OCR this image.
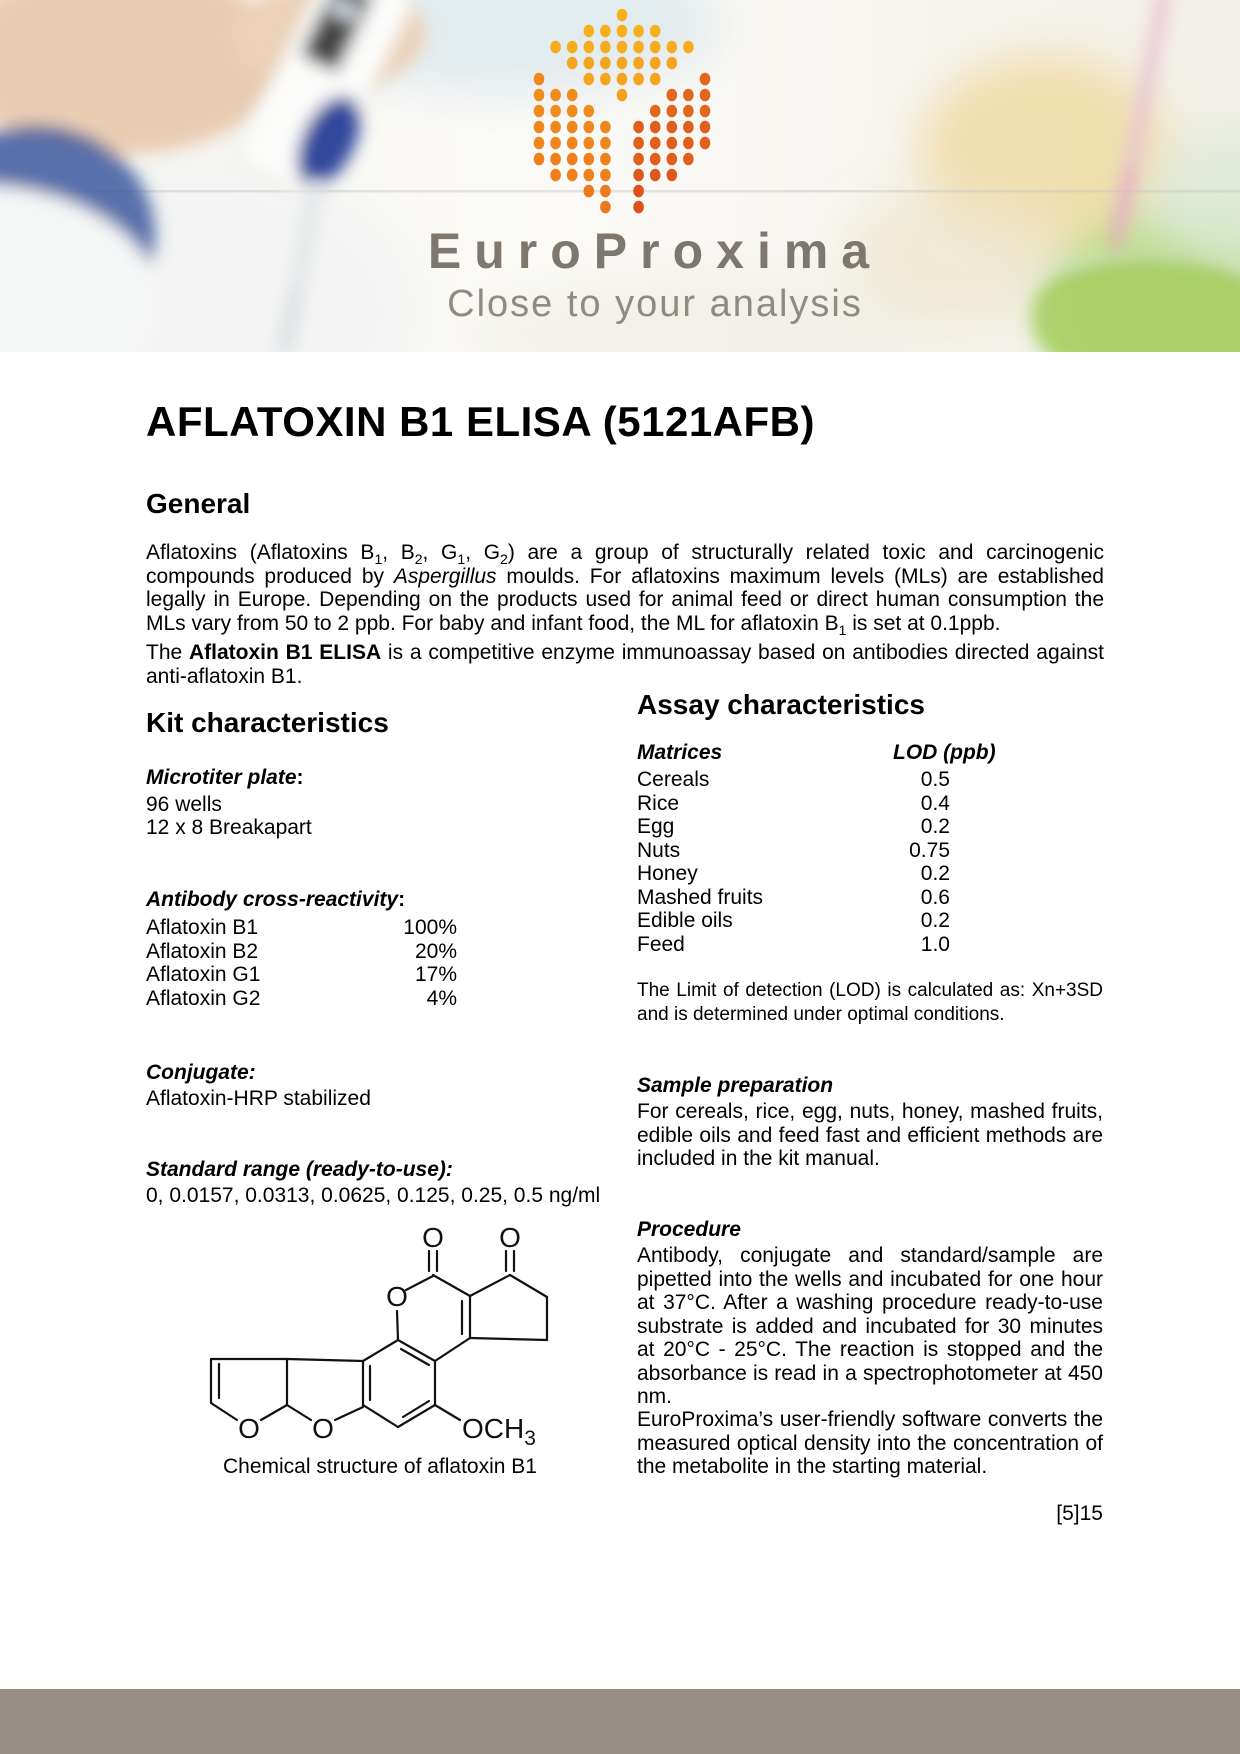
EuroProxima
Close to your analysis
AFLATOXIN B1 ELISA (5121AFB)
General
Aflatoxins (Aflatoxins $B_1$, $B_2$, $G_1$, $G_2$) are a group of structurally related toxic and carcinogenic compounds produced by Aspergillus moulds. For aflatoxins maximum levels (MLs) are established legally in Europe. Depending on the products used for animal feed or direct human consumption the MLs vary from 50 to 2 ppb. For baby and infant food, the ML for aflatoxin $B_1$ is set at 0.1ppb.
The Aflatoxin B1 ELISA is a competitive enzyme immunoassay based on antibodies directed against anti-aflatoxin B1.
Kit characteristics
Microtiter plate:
96 wells
12 x 8 Breakapart
Antibody cross-reactivity:
Aflatoxin B1	100%
Aflatoxin B2	20%
Aflatoxin G1	17%
Aflatoxin G2	4%
Conjugate:
Aflatoxin-HRP stabilized
Standard range (ready-to-use):
0, 0.0157, 0.0313, 0.0625, 0.125, 0.25, 0.5 ng/ml
O O
O
O O
$OCH_3$
Chemical structure of aflatoxin B1
Assay characteristics
Matrices	LOD (ppb)
Cereals	0.5
Rice	0.4
Egg	0.2
Nuts	0.75
Honey	0.2
Mashed fruits	0.6
Edible oils	0.2
Feed	1.0
The Limit of detection (LOD) is calculated as: Xn+3SD and is determined under optimal conditions.
Sample preparation
For cereals, rice, egg, nuts, honey, mashed fruits, edible oils and feed fast and efficient methods are included in the kit manual.
Procedure
Antibody, conjugate and standard/sample are pipetted into the wells and incubated for one hour at 37°C. After a washing procedure ready-to-use substrate is added and incubated for 30 minutes at 20°C - 25°C. The reaction is stopped and the absorbance is read in a spectrophotometer at 450 nm.
EuroProxima’s user-friendly software converts the measured optical density into the concentration of the metabolite in the starting material.
[5]15
